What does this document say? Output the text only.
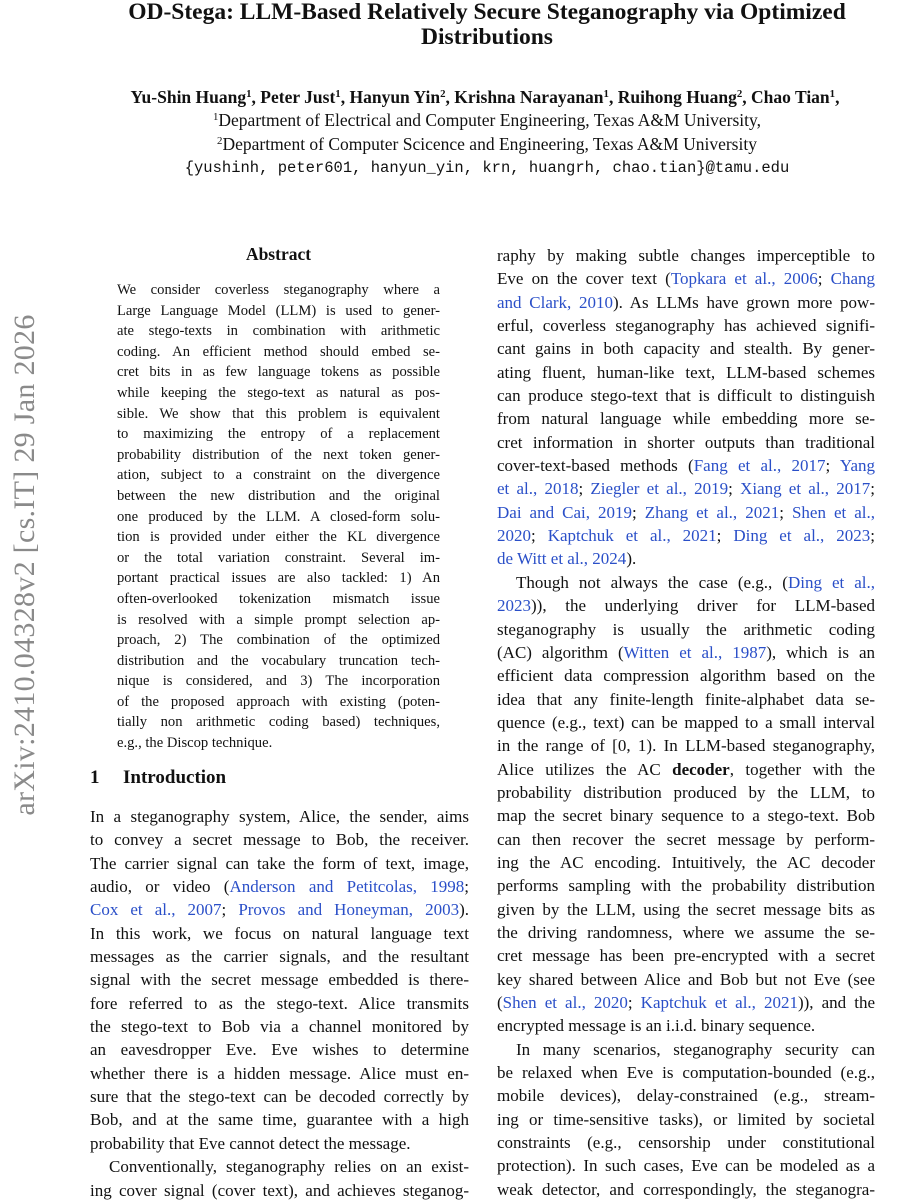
OD-Stega: LLM-Based Relatively Secure Steganography via Optimized
Distributions
Yu-Shin Huang$^1$, Peter Just$^1$, Hanyun Yin$^2$, Krishna Narayanan$^1$, Ruihong Huang$^2$, Chao Tian$^1$,
$^1$Department of Electrical and Computer Engineering, Texas A&M University,
$^2$Department of Computer Scicence and Engineering, Texas A&M University
{yushinh, peter601, hanyun_yin, krn, huangrh, chao.tian}@tamu.edu
arXiv:2410.04328v2 [cs.IT] 29 Jan 2026
Abstract
We consider coverless steganography where a
Large Language Model (LLM) is used to gener-
ate stego-texts in combination with arithmetic
coding. An efficient method should embed se-
cret bits in as few language tokens as possible
while keeping the stego-text as natural as pos-
sible. We show that this problem is equivalent
to maximizing the entropy of a replacement
probability distribution of the next token gener-
ation, subject to a constraint on the divergence
between the new distribution and the original
one produced by the LLM. A closed-form solu-
tion is provided under either the KL divergence
or the total variation constraint. Several im-
portant practical issues are also tackled: 1) An
often-overlooked tokenization mismatch issue
is resolved with a simple prompt selection ap-
proach, 2) The combination of the optimized
distribution and the vocabulary truncation tech-
nique is considered, and 3) The incorporation
of the proposed approach with existing (poten-
tially non arithmetic coding based) techniques,
e.g., the Discop technique.
1 Introduction
In a steganography system, Alice, the sender, aims
to convey a secret message to Bob, the receiver.
The carrier signal can take the form of text, image,
audio, or video (Anderson and Petitcolas, 1998;
Cox et al., 2007; Provos and Honeyman, 2003).
In this work, we focus on natural language text
messages as the carrier signals, and the resultant
signal with the secret message embedded is there-
fore referred to as the stego-text. Alice transmits
the stego-text to Bob via a channel monitored by
an eavesdropper Eve. Eve wishes to determine
whether there is a hidden message. Alice must en-
sure that the stego-text can be decoded correctly by
Bob, and at the same time, guarantee with a high
probability that Eve cannot detect the message.
Conventionally, steganography relies on an exist-
ing cover signal (cover text), and achieves steganog-
raphy by making subtle changes imperceptible to
Eve on the cover text (Topkara et al., 2006; Chang
and Clark, 2010). As LLMs have grown more pow-
erful, coverless steganography has achieved signifi-
cant gains in both capacity and stealth. By gener-
ating fluent, human-like text, LLM-based schemes
can produce stego-text that is difficult to distinguish
from natural language while embedding more se-
cret information in shorter outputs than traditional
cover-text-based methods (Fang et al., 2017; Yang
et al., 2018; Ziegler et al., 2019; Xiang et al., 2017;
Dai and Cai, 2019; Zhang et al., 2021; Shen et al.,
2020; Kaptchuk et al., 2021; Ding et al., 2023;
de Witt et al., 2024).
Though not always the case (e.g., (Ding et al.,
2023)), the underlying driver for LLM-based
steganography is usually the arithmetic coding
(AC) algorithm (Witten et al., 1987), which is an
efficient data compression algorithm based on the
idea that any finite-length finite-alphabet data se-
quence (e.g., text) can be mapped to a small interval
in the range of [0, 1). In LLM-based steganography,
Alice utilizes the AC decoder, together with the
probability distribution produced by the LLM, to
map the secret binary sequence to a stego-text. Bob
can then recover the secret message by perform-
ing the AC encoding. Intuitively, the AC decoder
performs sampling with the probability distribution
given by the LLM, using the secret message bits as
the driving randomness, where we assume the se-
cret message has been pre-encrypted with a secret
key shared between Alice and Bob but not Eve (see
(Shen et al., 2020; Kaptchuk et al., 2021)), and the
encrypted message is an i.i.d. binary sequence.
In many scenarios, steganography security can
be relaxed when Eve is computation-bounded (e.g.,
mobile devices), delay-constrained (e.g., stream-
ing or time-sensitive tasks), or limited by societal
constraints (e.g., censorship under constitutional
protection). In such cases, Eve can be modeled as a
weak detector, and correspondingly, the steganogra-
